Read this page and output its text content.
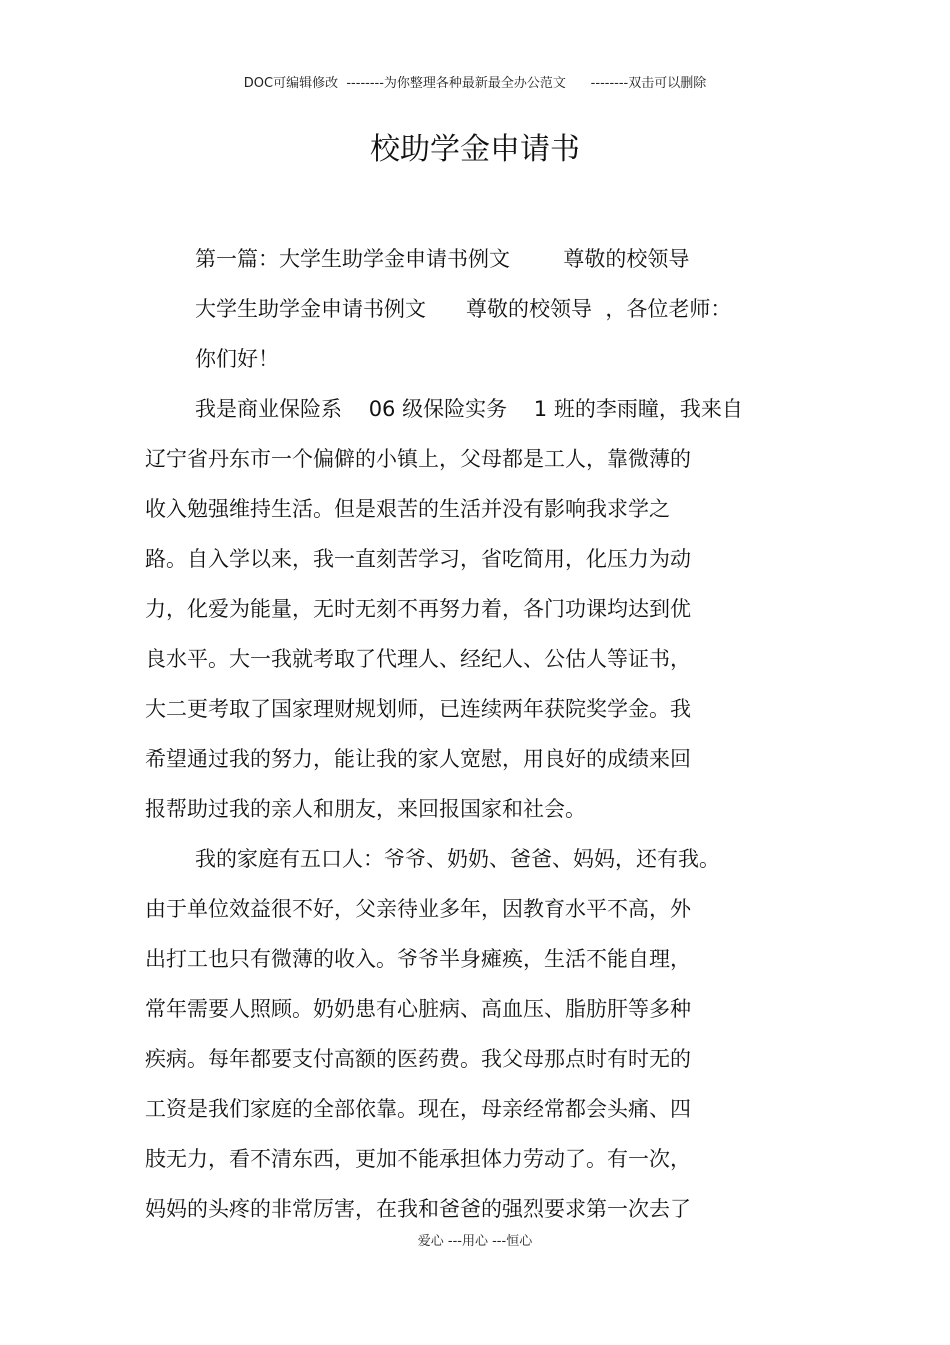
DOC可编辑修改  --------为你整理各种最新最全办公范文      --------双击可以删除
校助学金申请书
第一篇：大学生助学金申请书例文        尊敬的校领导
大学生助学金申请书例文      尊敬的校领导  ，各位老师：
你们好！
我是商业保险系    06 级保险实务    1 班的李雨瞳，我来自
辽宁省丹东市一个偏僻的小镇上，父母都是工人，靠微薄的
收入勉强维持生活。但是艰苦的生活并没有影响我求学之
路。自入学以来，我一直刻苦学习，省吃简用，化压力为动
力，化爱为能量，无时无刻不再努力着，各门功课均达到优
良水平。大一我就考取了代理人、经纪人、公估人等证书，
大二更考取了国家理财规划师，已连续两年获院奖学金。我
希望通过我的努力，能让我的家人宽慰，用良好的成绩来回
报帮助过我的亲人和朋友，来回报国家和社会。
我的家庭有五口人：爷爷、奶奶、爸爸、妈妈，还有我。
由于单位效益很不好，父亲待业多年，因教育水平不高，外
出打工也只有微薄的收入。爷爷半身瘫痪，生活不能自理，
常年需要人照顾。奶奶患有心脏病、高血压、脂肪肝等多种
疾病。每年都要支付高额的医药费。我父母那点时有时无的
工资是我们家庭的全部依靠。现在，母亲经常都会头痛、四
肢无力，看不清东西，更加不能承担体力劳动了。有一次，
妈妈的头疼的非常厉害，在我和爸爸的强烈要求第一次去了
爱心 ---用心 ---恒心
